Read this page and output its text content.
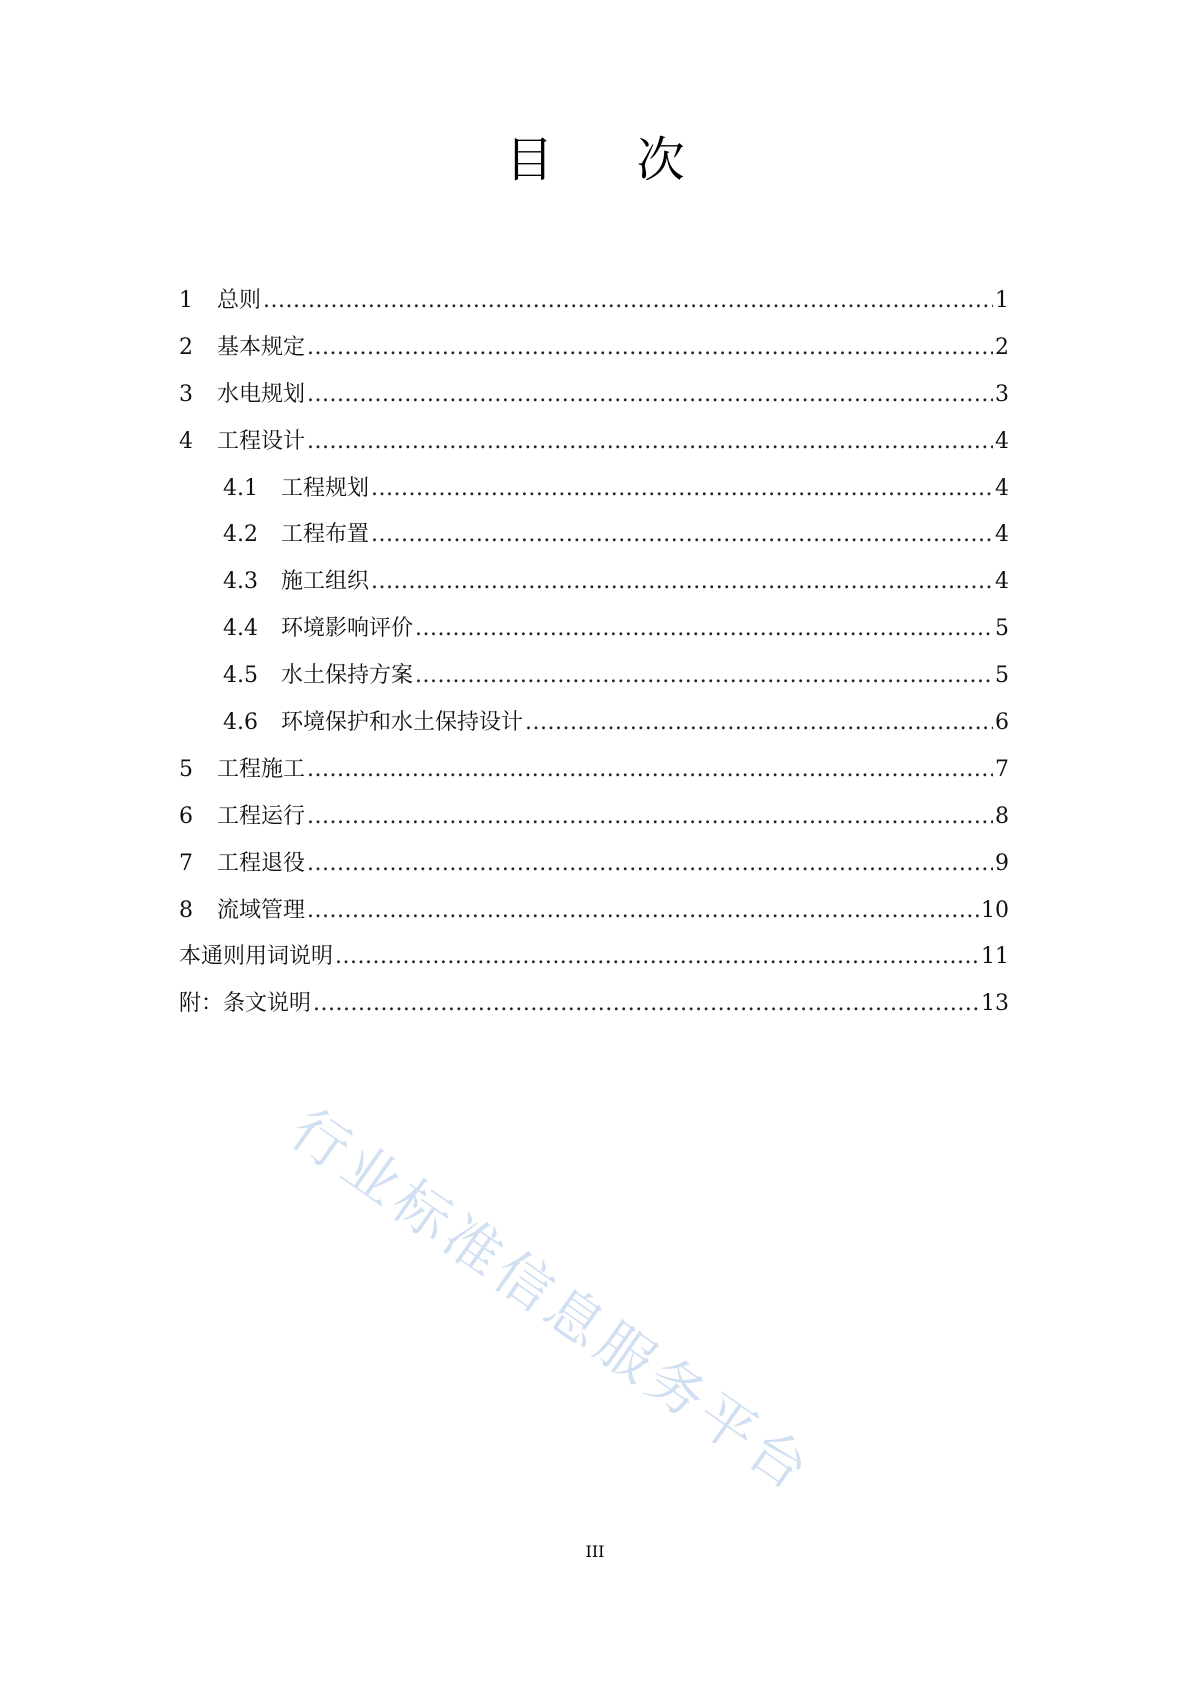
目 次
1	总则 .....	1
2	基本规定 .....	2
3	水电规划 .....	3
4	工程设计 .....	4
4.1	工程规划 .....	4
4.2	工程布置 .....	4
4.3	施工组织 .....	4
4.4	环境影响评价 .....	5
4.5	水土保持方案 .....	5
4.6	环境保护和水土保持设计 .....	6
5	工程施工 .....	7
6	工程运行 .....	8
7	工程退役 .....	9
8	流域管理 .....	10
本通则用词说明 .....	11
附：条文说明 .....	13
行业标准信息服务平台
III
